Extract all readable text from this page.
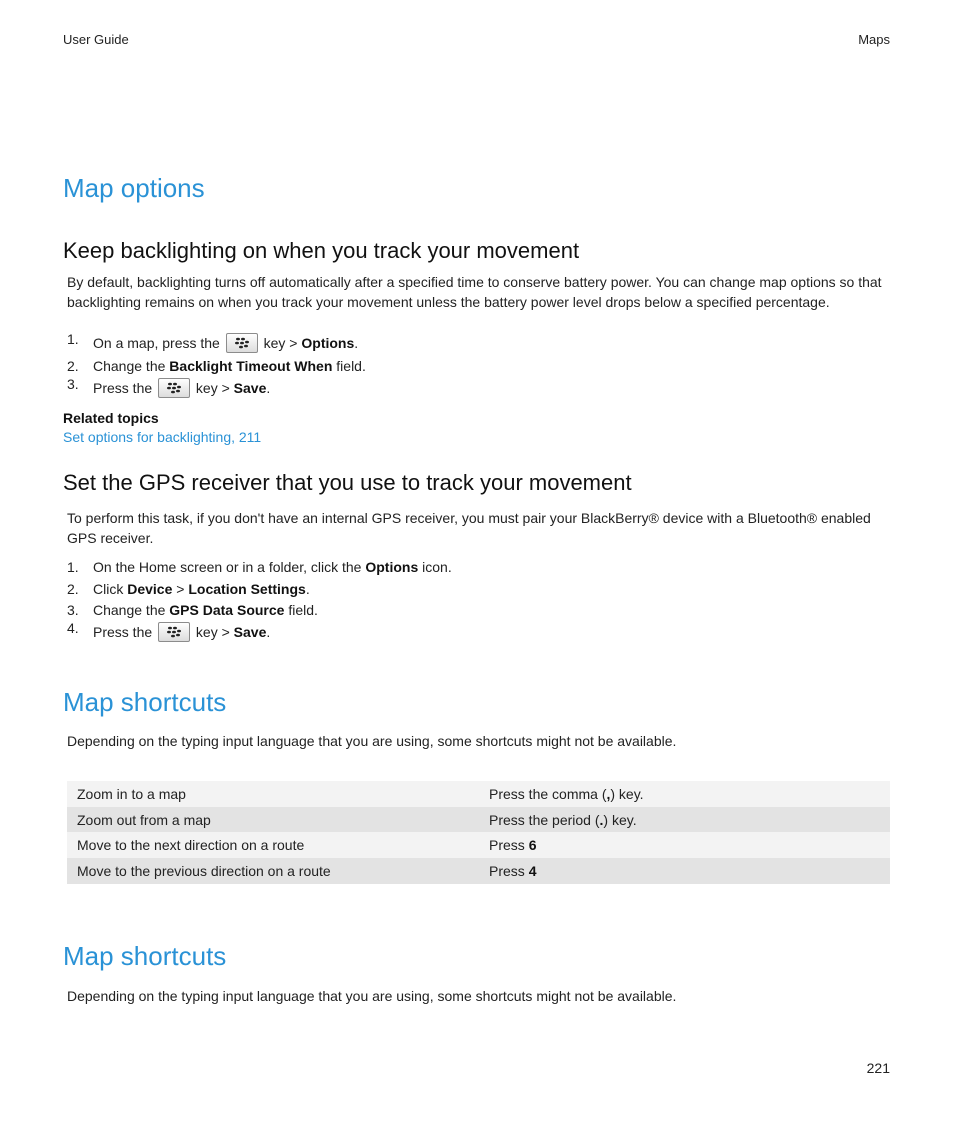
User Guide	Maps
Map options
Keep backlighting on when you track your movement

By default, backlighting turns off automatically after a specified time to conserve battery power. You can change map options so that backlighting remains on when you track your movement unless the battery power level drops below a specified percentage.

1.	On a map, press the	key > Options.
2.	Change the Backlight Timeout When field.
3.	Press the	key > Save.
Related topics
Set options for backlighting, 211
Set the GPS receiver that you use to track your movement

To perform this task, if you don't have an internal GPS receiver, you must pair your BlackBerry® device with a Bluetooth® enabled GPS receiver.

1.	On the Home screen or in a folder, click the Options icon.
2.	Click Device > Location Settings.
3.	Change the GPS Data Source field.
4.	Press the	key > Save.
Map shortcuts

Depending on the typing input language that you are using, some shortcuts might not be available.

Zoom in to a map	Press the comma (,) key.
Zoom out from a map	Press the period (.) key.
Move to the next direction on a route	Press 6
Move to the previous direction on a route	Press 4
Map shortcuts

Depending on the typing input language that you are using, some shortcuts might not be available.

221
